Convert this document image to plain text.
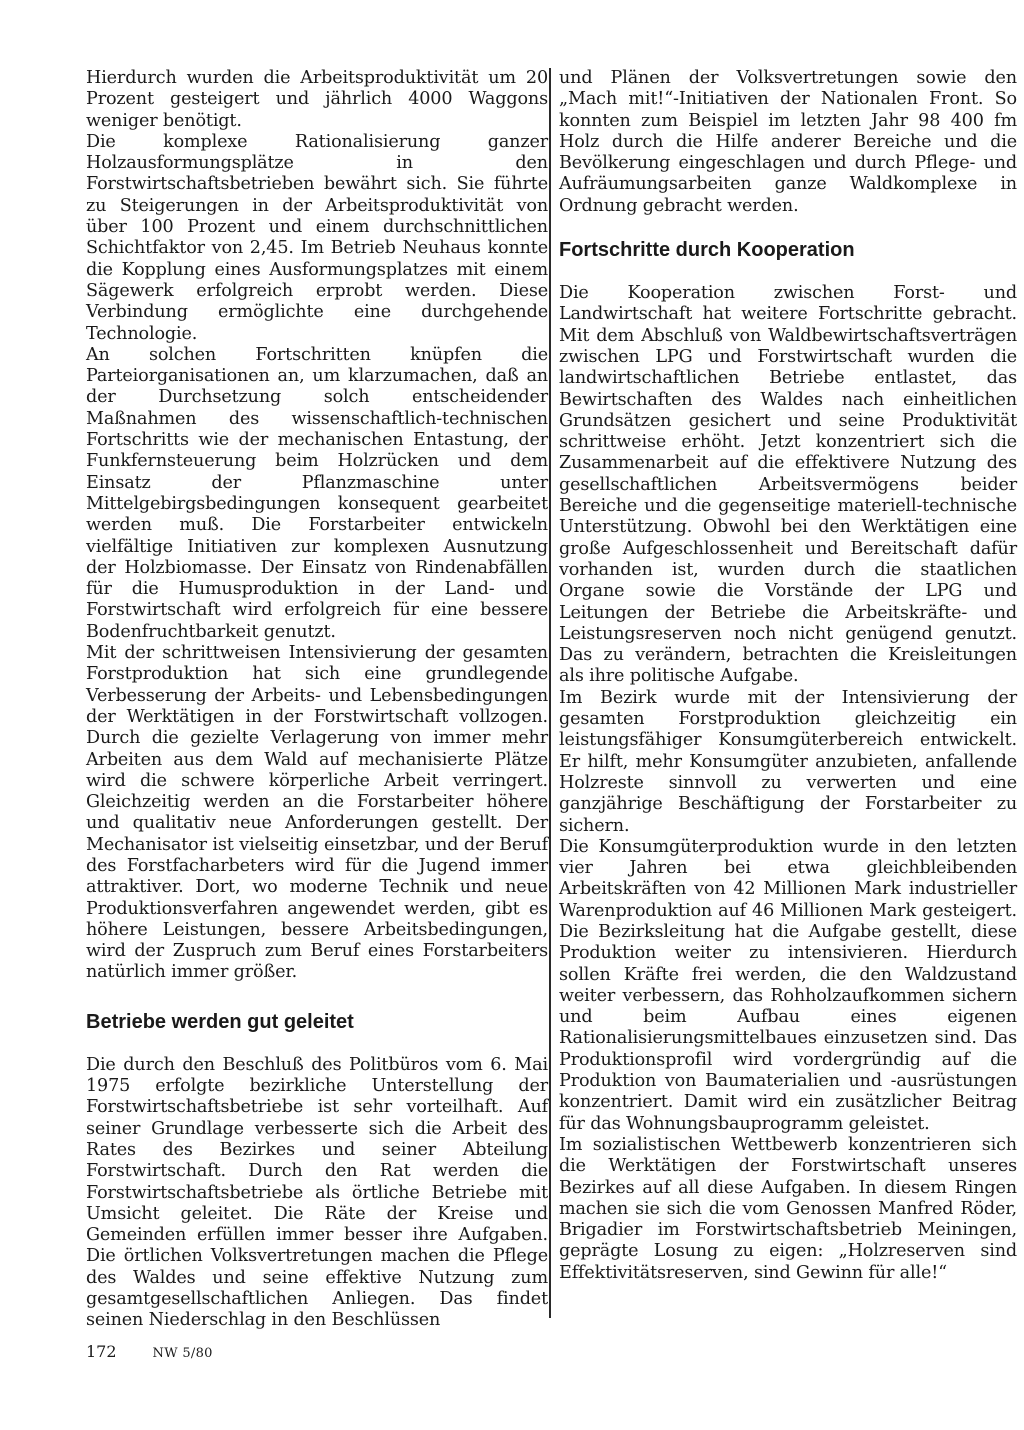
Hierdurch wurden die Arbeitsproduktivität um 20 Prozent gesteigert und jährlich 4000 Waggons weniger benötigt.

Die komplexe Rationalisierung ganzer Holzausformungsplätze in den Forstwirtschaftsbetrieben bewährt sich. Sie führte zu Steigerungen in der Arbeitsproduktivität von über 100 Prozent und einem durchschnittlichen Schichtfaktor von 2,45. Im Betrieb Neuhaus konnte die Kopplung eines Ausformungsplatzes mit einem Sägewerk erfolgreich erprobt werden. Diese Verbindung ermöglichte eine durchgehende Technologie.

An solchen Fortschritten knüpfen die Parteiorganisationen an, um klarzumachen, daß an der Durchsetzung solch entscheidender Maßnahmen des wissenschaftlich-technischen Fortschritts wie der mechanischen Entastung, der Funkfernsteuerung beim Holzrücken und dem Einsatz der Pflanzmaschine unter Mittelgebirgsbedingungen konsequent gearbeitet werden muß. Die Forstarbeiter entwickeln vielfältige Initiativen zur komplexen Ausnutzung der Holzbiomasse. Der Einsatz von Rindenabfällen für die Humusproduktion in der Land- und Forstwirtschaft wird erfolgreich für eine bessere Bodenfruchtbarkeit genutzt.

Mit der schrittweisen Intensivierung der gesamten Forstproduktion hat sich eine grundlegende Verbesserung der Arbeits- und Lebensbedingungen der Werktätigen in der Forstwirtschaft vollzogen. Durch die gezielte Verlagerung von immer mehr Arbeiten aus dem Wald auf mechanisierte Plätze wird die schwere körperliche Arbeit verringert. Gleichzeitig werden an die Forstarbeiter höhere und qualitativ neue Anforderungen gestellt. Der Mechanisator ist vielseitig einsetzbar, und der Beruf des Forstfacharbeters wird für die Jugend immer attraktiver. Dort, wo moderne Technik und neue Produktionsverfahren angewendet werden, gibt es höhere Leistungen, bessere Arbeitsbedingungen, wird der Zuspruch zum Beruf eines Forstarbeiters natürlich immer größer.

Betriebe werden gut geleitet

Die durch den Beschluß des Politbüros vom 6. Mai 1975 erfolgte bezirkliche Unterstellung der Forstwirtschaftsbetriebe ist sehr vorteilhaft. Auf seiner Grundlage verbesserte sich die Arbeit des Rates des Bezirkes und seiner Abteilung Forstwirtschaft. Durch den Rat werden die Forstwirtschaftsbetriebe als örtliche Betriebe mit Umsicht geleitet. Die Räte der Kreise und Gemeinden erfüllen immer besser ihre Aufgaben. Die örtlichen Volksvertretungen machen die Pflege des Waldes und seine effektive Nutzung zum gesamtgesellschaftlichen Anliegen. Das findet seinen Niederschlag in den Beschlüssen

und Plänen der Volksvertretungen sowie den „Mach mit!“-Initiativen der Nationalen Front. So konnten zum Beispiel im letzten Jahr 98 400 fm Holz durch die Hilfe anderer Bereiche und die Bevölkerung eingeschlagen und durch Pflege- und Aufräumungsarbeiten ganze Waldkomplexe in Ordnung gebracht werden.

Fortschritte durch Kooperation

Die Kooperation zwischen Forst- und Landwirtschaft hat weitere Fortschritte gebracht. Mit dem Abschluß von Waldbewirtschaftsverträgen zwischen LPG und Forstwirtschaft wurden die landwirtschaftlichen Betriebe entlastet, das Bewirtschaften des Waldes nach einheitlichen Grundsätzen gesichert und seine Produktivität schrittweise erhöht. Jetzt konzentriert sich die Zusammenarbeit auf die effektivere Nutzung des gesellschaftlichen Arbeitsvermögens beider Bereiche und die gegenseitige materiell-technische Unterstützung. Obwohl bei den Werktätigen eine große Aufgeschlossenheit und Bereitschaft dafür vorhanden ist, wurden durch die staatlichen Organe sowie die Vorstände der LPG und Leitungen der Betriebe die Arbeitskräfte- und Leistungsreserven noch nicht genügend genutzt. Das zu verändern, betrachten die Kreisleitungen als ihre politische Aufgabe.

Im Bezirk wurde mit der Intensivierung der gesamten Forstproduktion gleichzeitig ein leistungsfähiger Konsumgüterbereich entwickelt. Er hilft, mehr Konsumgüter anzubieten, anfallende Holzreste sinnvoll zu verwerten und eine ganzjährige Beschäftigung der Forstarbeiter zu sichern.

Die Konsumgüterproduktion wurde in den letzten vier Jahren bei etwa gleichbleibenden Arbeitskräften von 42 Millionen Mark industrieller Warenproduktion auf 46 Millionen Mark gesteigert. Die Bezirksleitung hat die Aufgabe gestellt, diese Produktion weiter zu intensivieren. Hierdurch sollen Kräfte frei werden, die den Waldzustand weiter verbessern, das Rohholzaufkommen sichern und beim Aufbau eines eigenen Rationalisierungsmittelbaues einzusetzen sind. Das Produktionsprofil wird vordergründig auf die Produktion von Baumaterialien und -ausrüstungen konzentriert. Damit wird ein zusätzlicher Beitrag für das Wohnungsbauprogramm geleistet.

Im sozialistischen Wettbewerb konzentrieren sich die Werktätigen der Forstwirtschaft unseres Bezirkes auf all diese Aufgaben. In diesem Ringen machen sie sich die vom Genossen Manfred Röder, Brigadier im Forstwirtschaftsbetrieb Meiningen, geprägte Losung zu eigen: „Holzreserven sind Effektivitätsreserven, sind Gewinn für alle!“

172	NW 5/80
